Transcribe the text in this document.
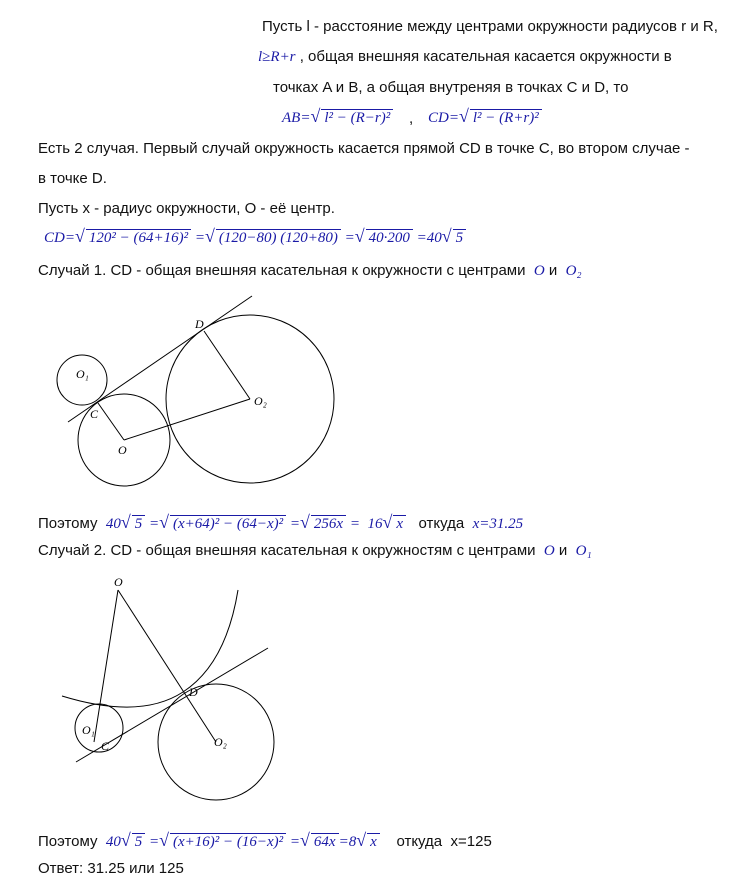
Пусть l - расстояние между центрами окружности радиусов r и R,
l≥R+r , общая внешняя касательная касается окружности в
точках A и B, а общая внутреняя в точках C и D, то
AB=√ l² − (R−r)² , CD=√ l² − (R+r)²
Есть 2 случая. Первый случай окружность касается прямой CD в точке C, во втором случае -
в точке D.
Пусть x - радиус окружности, O - её центр.
CD=√ 120² − (64+16)² =√ (120−80) (120+80) =√ 40·200 =40√ 5
Случай 1. CD - общая внешняя касательная к окружности с центрами O и O₂
O₁
C
O
D
O₂
Поэтому 40√ 5 =√ (x+64)² − (64−x)² =√ 256x = 16√ x откуда x=31.25
Случай 2. CD - общая внешняя касательная к окружностям с центрами O и O₁
O
D
O₁
C	O₂
Поэтому 40√ 5 =√ (x+16)² − (16−x)² =√ 64x =8√ x откуда x=125
Ответ: 31.25 или 125
